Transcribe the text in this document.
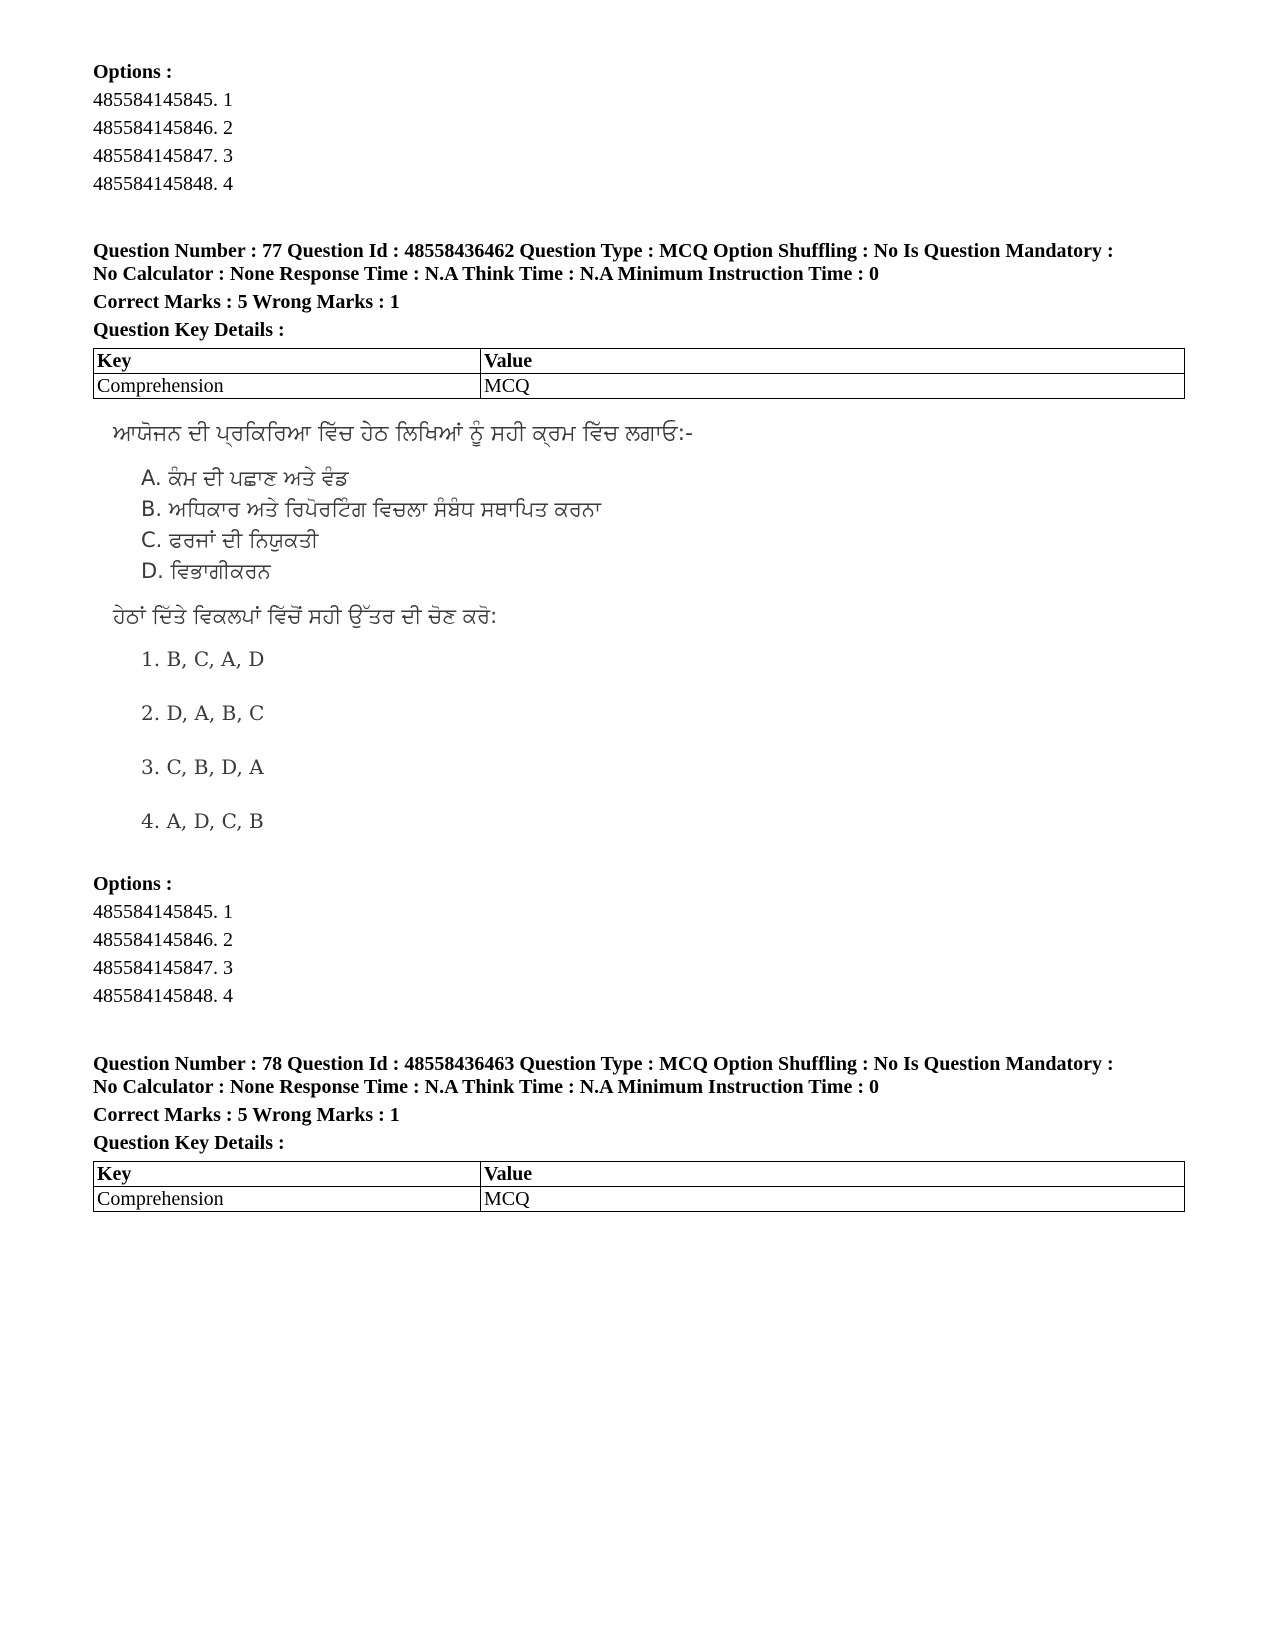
Options :
485584145845. 1
485584145846. 2
485584145847. 3
485584145848. 4
Question Number : 77 Question Id : 48558436462 Question Type : MCQ Option Shuffling : No Is Question Mandatory :
No Calculator : None Response Time : N.A Think Time : N.A Minimum Instruction Time : 0
Correct Marks : 5 Wrong Marks : 1
Question Key Details :
Key	Value
Comprehension	MCQ
ਆਯੋਜਨ ਦੀ ਪ੍ਰਕਿਰਿਆ ਵਿੱਚ ਹੇਠ ਲਿਖਿਆਂ ਨੂੰ ਸਹੀ ਕ੍ਰਮ ਵਿੱਚ ਲਗਾਓ:-
A. ਕੰਮ ਦੀ ਪਛਾਣ ਅਤੇ ਵੰਡ
B. ਅਧਿਕਾਰ ਅਤੇ ਰਿਪੋਰਟਿੰਗ ਵਿਚਲਾ ਸੰਬੰਧ ਸਥਾਪਿਤ ਕਰਨਾ
C. ਫਰਜਾਂ ਦੀ ਨਿਯੁਕਤੀ
D. ਵਿਭਾਗੀਕਰਨ
ਹੇਠਾਂ ਦਿੱਤੇ ਵਿਕਲਪਾਂ ਵਿੱਚੋਂ ਸਹੀ ਉੱਤਰ ਦੀ ਚੋਣ ਕਰੋ:
1. B, C, A, D
2. D, A, B, C
3. C, B, D, A
4. A, D, C, B
Options :
485584145845. 1
485584145846. 2
485584145847. 3
485584145848. 4
Question Number : 78 Question Id : 48558436463 Question Type : MCQ Option Shuffling : No Is Question Mandatory :
No Calculator : None Response Time : N.A Think Time : N.A Minimum Instruction Time : 0
Correct Marks : 5 Wrong Marks : 1
Question Key Details :
Key	Value
Comprehension	MCQ
